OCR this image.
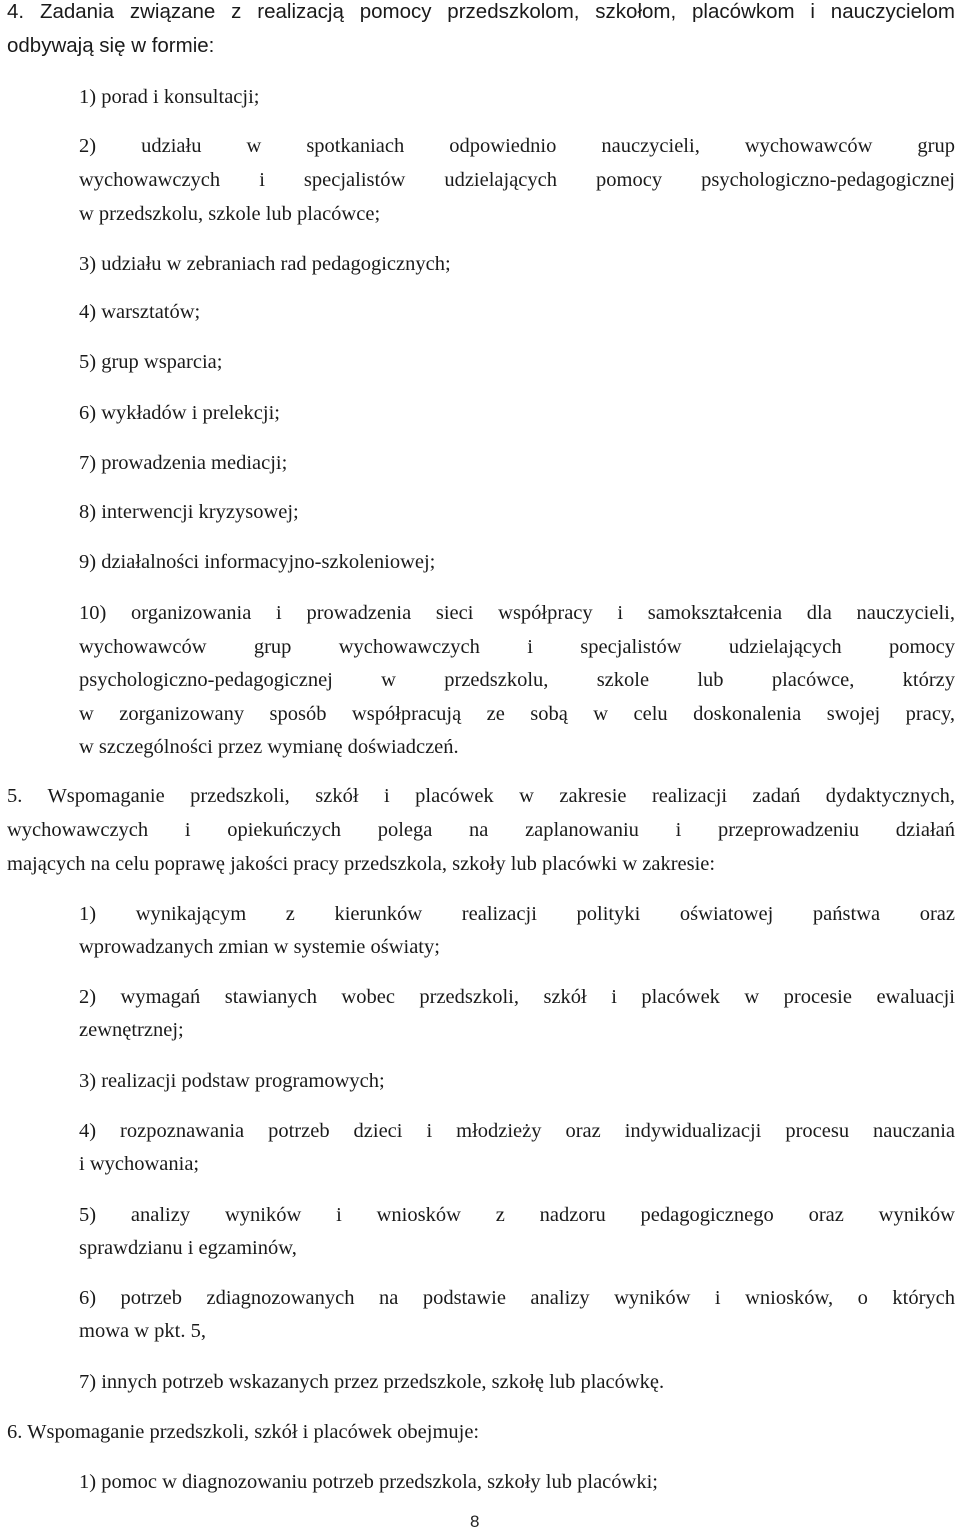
4. Zadania związane z realizacją pomocy przedszkolom, szkołom, placówkom i nauczycielom
odbywają się w formie:
1) porad i konsultacji;
2) udziału w spotkaniach odpowiednio nauczycieli, wychowawców grup
wychowawczych i specjalistów udzielających pomocy psychologiczno-pedagogicznej
w przedszkolu, szkole lub placówce;
3) udziału w zebraniach rad pedagogicznych;
4) warsztatów;
5) grup wsparcia;
6) wykładów i prelekcji;
7) prowadzenia mediacji;
8) interwencji kryzysowej;
9) działalności informacyjno-szkoleniowej;
10) organizowania i prowadzenia sieci współpracy i samokształcenia dla nauczycieli,
wychowawców grup wychowawczych i specjalistów udzielających pomocy
psychologiczno-pedagogicznej w przedszkolu, szkole lub placówce, którzy
w zorganizowany sposób współpracują ze sobą w celu doskonalenia swojej pracy,
w szczególności przez wymianę doświadczeń.
5. Wspomaganie przedszkoli, szkół i placówek w zakresie realizacji zadań dydaktycznych,
wychowawczych i opiekuńczych polega na zaplanowaniu i przeprowadzeniu działań
mających na celu poprawę jakości pracy przedszkola, szkoły lub placówki w zakresie:
1) wynikającym z kierunków realizacji polityki oświatowej państwa oraz
wprowadzanych zmian w systemie oświaty;
2) wymagań stawianych wobec przedszkoli, szkół i placówek w procesie ewaluacji
zewnętrznej;
3) realizacji podstaw programowych;
4) rozpoznawania potrzeb dzieci i młodzieży oraz indywidualizacji procesu nauczania
i wychowania;
5) analizy wyników i wniosków z nadzoru pedagogicznego oraz wyników
sprawdzianu i egzaminów,
6) potrzeb zdiagnozowanych na podstawie analizy wyników i wniosków, o których
mowa w pkt. 5,
7) innych potrzeb wskazanych przez przedszkole, szkołę lub placówkę.
6. Wspomaganie przedszkoli, szkół i placówek obejmuje:
1) pomoc w diagnozowaniu potrzeb przedszkola, szkoły lub placówki;
8
